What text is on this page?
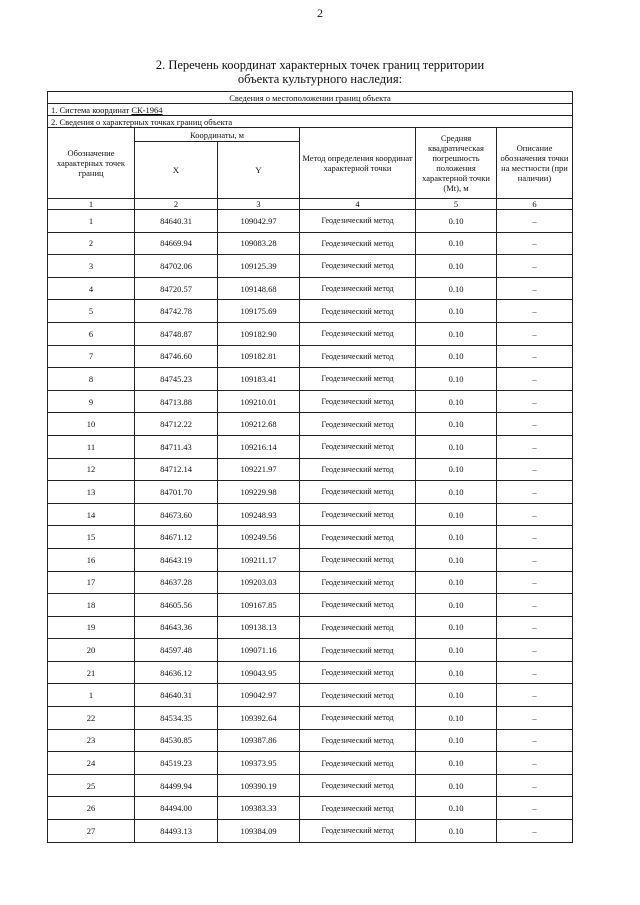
2
2. Перечень координат характерных точек границ территории
объекта культурного наследия:
Сведения о местоположении границ объекта					
1. Система координат СК-1964					
2. Сведения о характерных точках границ объекта					
Обозначение характерных точек границ	Координаты, м		Метод определения координат характерной точки	Средняя квадратическая погрешность положения характерной точки (Mt), м	Описание обозначения точки на местности (при наличии)
	X	Y			
1	2	3	4	5	6
1	84640.31	109042.97	Геодезический метод	0.10	–
2	84669.94	109083.28	Геодезический метод	0.10	–
3	84702.06	109125.39	Геодезический метод	0.10	–
4	84720.57	109148.68	Геодезический метод	0.10	–
5	84742.78	109175.69	Геодезический метод	0.10	–
6	84748.87	109182.90	Геодезический метод	0.10	–
7	84746.60	109182.81	Геодезический метод	0.10	–
8	84745.23	109183.41	Геодезический метод	0.10	–
9	84713.88	109210.01	Геодезический метод	0.10	–
10	84712.22	109212.68	Геодезический метод	0.10	–
11	84711.43	109216.14	Геодезический метод	0.10	–
12	84712.14	109221.97	Геодезический метод	0.10	–
13	84701.70	109229.98	Геодезический метод	0.10	–
14	84673.60	109248.93	Геодезический метод	0.10	–
15	84671.12	109249.56	Геодезический метод	0.10	–
16	84643.19	109211.17	Геодезический метод	0.10	–
17	84637.28	109203.03	Геодезический метод	0.10	–
18	84605.56	109167.85	Геодезический метод	0.10	–
19	84643.36	109138.13	Геодезический метод	0.10	–
20	84597.48	109071.16	Геодезический метод	0.10	–
21	84636.12	109043.95	Геодезический метод	0.10	–
1	84640.31	109042.97	Геодезический метод	0.10	–
22	84534.35	109392.64	Геодезический метод	0.10	–
23	84530.85	109387.86	Геодезический метод	0.10	–
24	84519.23	109373.95	Геодезический метод	0.10	–
25	84499.94	109390.19	Геодезический метод	0.10	–
26	84494.00	109383.33	Геодезический метод	0.10	–
27	84493.13	109384.09	Геодезический метод	0.10	–
